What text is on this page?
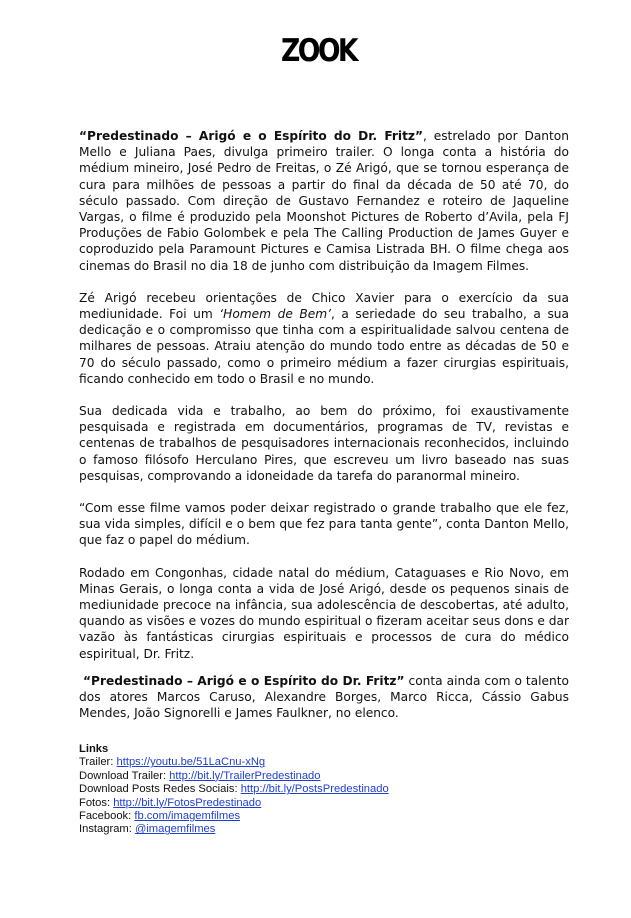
ZOOK

“Predestinado – Arigó e o Espírito do Dr. Fritz”, estrelado por Danton Mello e Juliana Paes, divulga primeiro trailer. O longa conta a história do médium mineiro, José Pedro de Freitas, o Zé Arigó, que se tornou esperança de cura para milhões de pessoas a partir do final da década de 50 até 70, do século passado. Com direção de Gustavo Fernandez e roteiro de Jaqueline Vargas, o filme é produzido pela Moonshot Pictures de Roberto d’Avila, pela FJ Produções de Fabio Golombek e pela The Calling Production de James Guyer e coproduzido pela Paramount Pictures e Camisa Listrada BH. O filme chega aos cinemas do Brasil no dia 18 de junho com distribuição da Imagem Filmes.

Zé Arigó recebeu orientações de Chico Xavier para o exercício da sua mediunidade. Foi um ‘Homem de Bem’, a seriedade do seu trabalho, a sua dedicação e o compromisso que tinha com a espiritualidade salvou centena de milhares de pessoas. Atraiu atenção do mundo todo entre as décadas de 50 e 70 do século passado, como o primeiro médium a fazer cirurgias espirituais, ficando conhecido em todo o Brasil e no mundo.

Sua dedicada vida e trabalho, ao bem do próximo, foi exaustivamente pesquisada e registrada em documentários, programas de TV, revistas e centenas de trabalhos de pesquisadores internacionais reconhecidos, incluindo o famoso filósofo Herculano Pires, que escreveu um livro baseado nas suas pesquisas, comprovando a idoneidade da tarefa do paranormal mineiro.

“Com esse filme vamos poder deixar registrado o grande trabalho que ele fez, sua vida simples, difícil e o bem que fez para tanta gente”, conta Danton Mello, que faz o papel do médium.

Rodado em Congonhas, cidade natal do médium, Cataguases e Rio Novo, em Minas Gerais, o longa conta a vida de José Arigó, desde os pequenos sinais de mediunidade precoce na infância, sua adolescência de descobertas, até adulto, quando as visões e vozes do mundo espiritual o fizeram aceitar seus dons e dar vazão às fantásticas cirurgias espirituais e processos de cura do médico espiritual, Dr. Fritz.

“Predestinado – Arigó e o Espírito do Dr. Fritz” conta ainda com o talento dos atores Marcos Caruso, Alexandre Borges, Marco Ricca, Cássio Gabus Mendes, João Signorelli e James Faulkner, no elenco.

Links
Trailer: https://youtu.be/51LaCnu-xNg
Download Trailer: http://bit.ly/TrailerPredestinado
Download Posts Redes Sociais: http://bit.ly/PostsPredestinado
Fotos: http://bit.ly/FotosPredestinado
Facebook: fb.com/imagemfilmes
Instagram: @imagemfilmes
